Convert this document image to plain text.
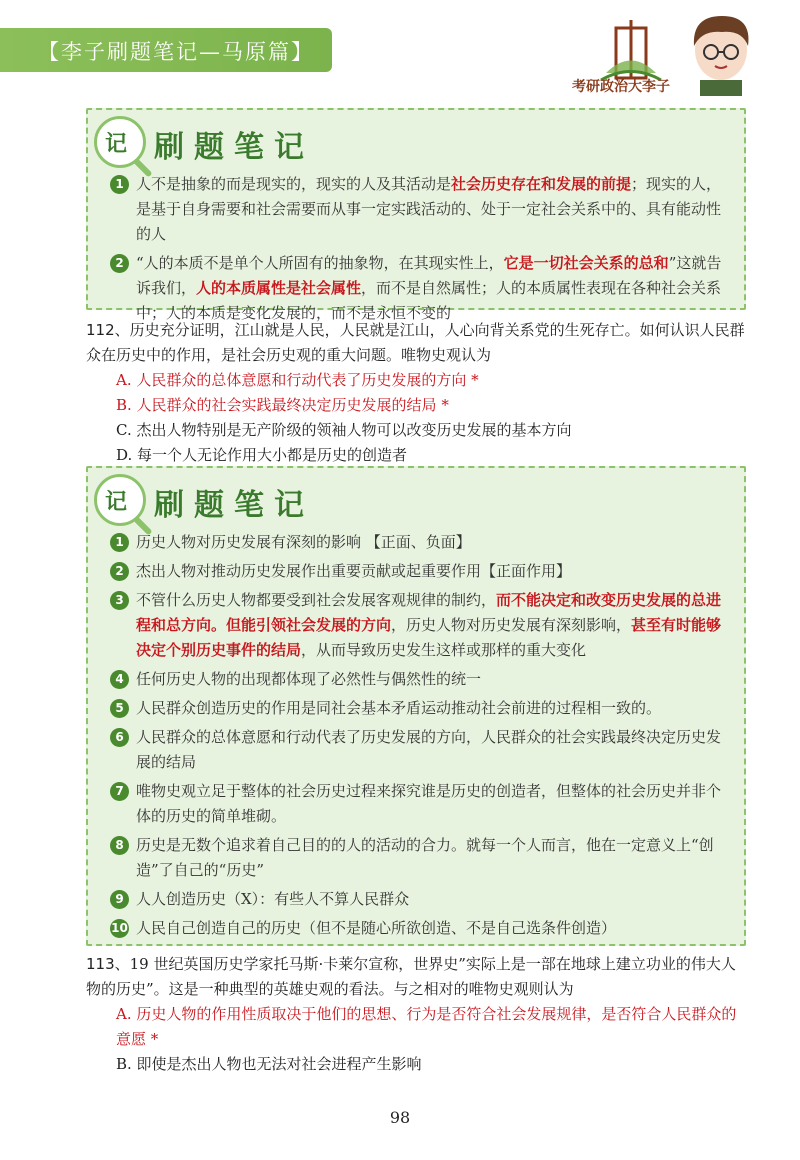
【李子刷题笔记—马原篇】
考研政治大李子
记 刷题笔记
1 人不是抽象的而是现实的，现实的人及其活动是社会历史存在和发展的前提；现实的人，是基于自身需要和社会需要而从事一定实践活动的、处于一定社会关系中的、具有能动性的人
2 “人的本质不是单个人所固有的抽象物，在其现实性上，它是一切社会关系的总和”这就告诉我们，人的本质属性是社会属性，而不是自然属性；人的本质属性表现在各种社会关系中；人的本质是变化发展的，而不是永恒不变的
112、历史充分证明，江山就是人民，人民就是江山，人心向背关系党的生死存亡。如何认识人民群众在历史中的作用，是社会历史观的重大问题。唯物史观认为
A. 人民群众的总体意愿和行动代表了历史发展的方向 *
B. 人民群众的社会实践最终决定历史发展的结局 *
C. 杰出人物特别是无产阶级的领袖人物可以改变历史发展的基本方向
D. 每一个人无论作用大小都是历史的创造者
记 刷题笔记
1 历史人物对历史发展有深刻的影响 【正面、负面】
2 杰出人物对推动历史发展作出重要贡献或起重要作用【正面作用】
3 不管什么历史人物都要受到社会发展客观规律的制约，而不能决定和改变历史发展的总进程和总方向。但能引领社会发展的方向，历史人物对历史发展有深刻影响，甚至有时能够决定个别历史事件的结局，从而导致历史发生这样或那样的重大变化
4 任何历史人物的出现都体现了必然性与偶然性的统一
5 人民群众创造历史的作用是同社会基本矛盾运动推动社会前进的过程相一致的。
6 人民群众的总体意愿和行动代表了历史发展的方向，人民群众的社会实践最终决定历史发展的结局
7 唯物史观立足于整体的社会历史过程来探究谁是历史的创造者，但整体的社会历史并非个体的历史的简单堆砌。
8 历史是无数个追求着自己目的的人的活动的合力。就每一个人而言，他在一定意义上“创造”了自己的“历史”
9 人人创造历史（X）：有些人不算人民群众
10 人民自己创造自己的历史（但不是随心所欲创造、不是自己选条件创造）
113、19 世纪英国历史学家托马斯·卡莱尔宣称，世界史”实际上是一部在地球上建立功业的伟大人物的历史”。这是一种典型的英雄史观的看法。与之相对的唯物史观则认为
A. 历史人物的作用性质取决于他们的思想、行为是否符合社会发展规律，是否符合人民群众的意愿 *
B. 即使是杰出人物也无法对社会进程产生影响
98
